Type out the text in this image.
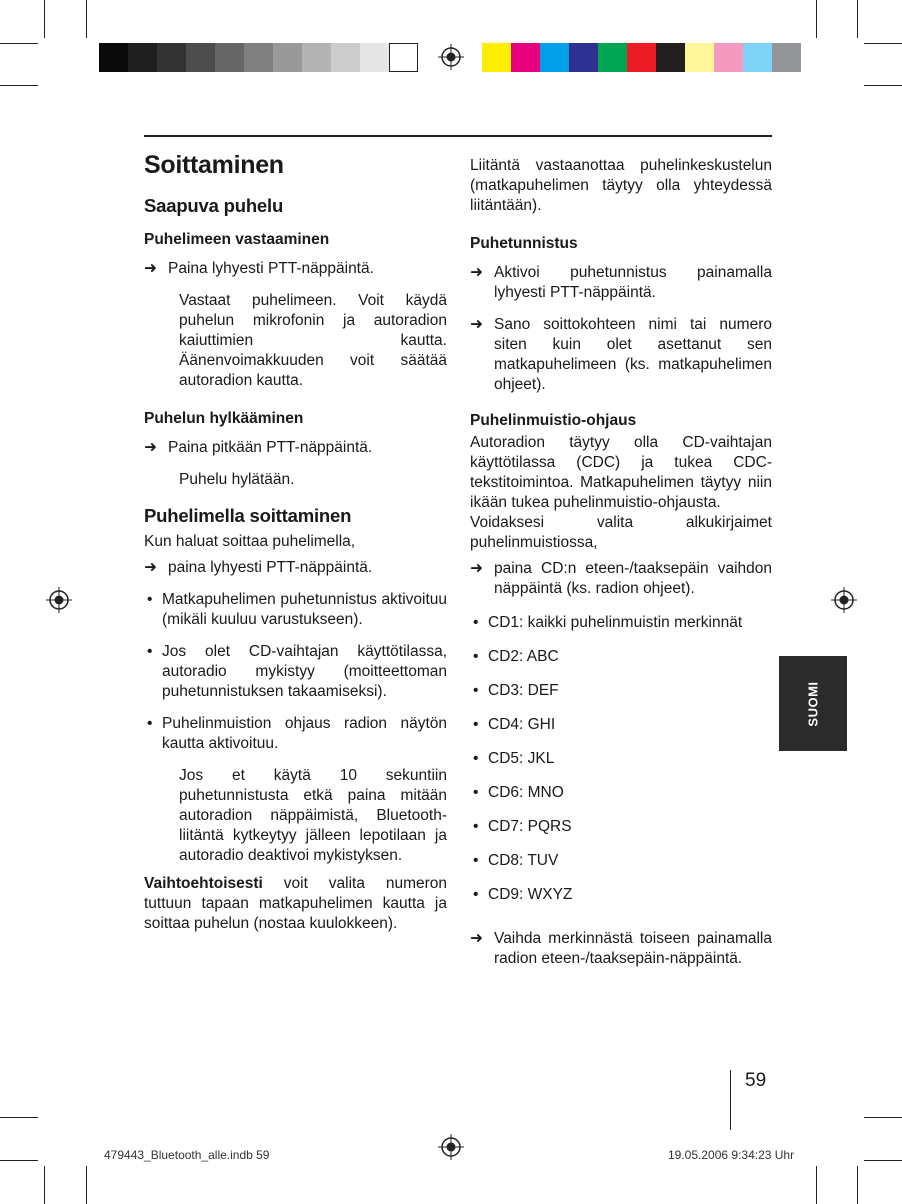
Soittaminen
Saapuva puhelu
Puhelimeen vastaaminen
➜ Paina lyhyesti PTT-näppäintä.

Vastaat puhelimeen. Voit käydä puhelun mikrofonin ja autoradion kaiuttimien kautta. Äänenvoimakkuuden voit säätää autoradion kautta.

Puhelun hylkääminen
➜ Paina pitkään PTT-näppäintä.

Puhelu hylätään.

Puhelimella soittaminen

Kun haluat soittaa puhelimella,

➜ paina lyhyesti PTT-näppäintä.
• Matkapuhelimen puhetunnistus aktivoituu (mikäli kuuluu varustukseen).
• Jos olet CD-vaihtajan käyttötilassa, autoradio mykistyy (moitteettoman puhetunnistuksen takaamiseksi).
• Puhelinmuistion ohjaus radion näytön kautta aktivoituu.

Jos et käytä 10 sekuntiin puhetunnistusta etkä paina mitään autoradion näppäimistä, Bluetooth-liitäntä kytkeytyy jälleen lepotilaan ja autoradio deaktivoi mykistyksen.

Vaihtoehtoisesti voit valita numeron tuttuun tapaan matkapuhelimen kautta ja soittaa puhelun (nostaa kuulokkeen).

Liitäntä vastaanottaa puhelinkeskustelun (matkapuhelimen täytyy olla yhteydessä liitäntään).

Puhetunnistus
➜ Aktivoi puhetunnistus painamalla lyhyesti PTT-näppäintä.
➜ Sano soittokohteen nimi tai numero siten kuin olet asettanut sen matkapuhelimeen (ks. matkapuhelimen ohjeet).
Puhelinmuistio-ohjaus

Autoradion täytyy olla CD-vaihtajan käyttötilassa (CDC) ja tukea CDC-tekstitoimintoa. Matkapuhelimen täytyy niin ikään tukea puhelinmuistio-ohjausta.

Voidaksesi valita alkukirjaimet puhelinmuistiossa,

➜ paina CD:n eteen-/taaksepäin vaihdon näppäintä (ks. radion ohjeet).
• CD1: kaikki puhelinmuistin merkinnät
• CD2: ABC
• CD3: DEF
• CD4: GHI
• CD5: JKL
• CD6: MNO
• CD7: PQRS
• CD8: TUV
• CD9: WXYZ
➜ Vaihda merkinnästä toiseen painamalla radion eteen-/taaksepäin-näppäintä.
SUOMI
59
479443_Bluetooth_alle.indb 59	19.05.2006 9:34:23 Uhr
